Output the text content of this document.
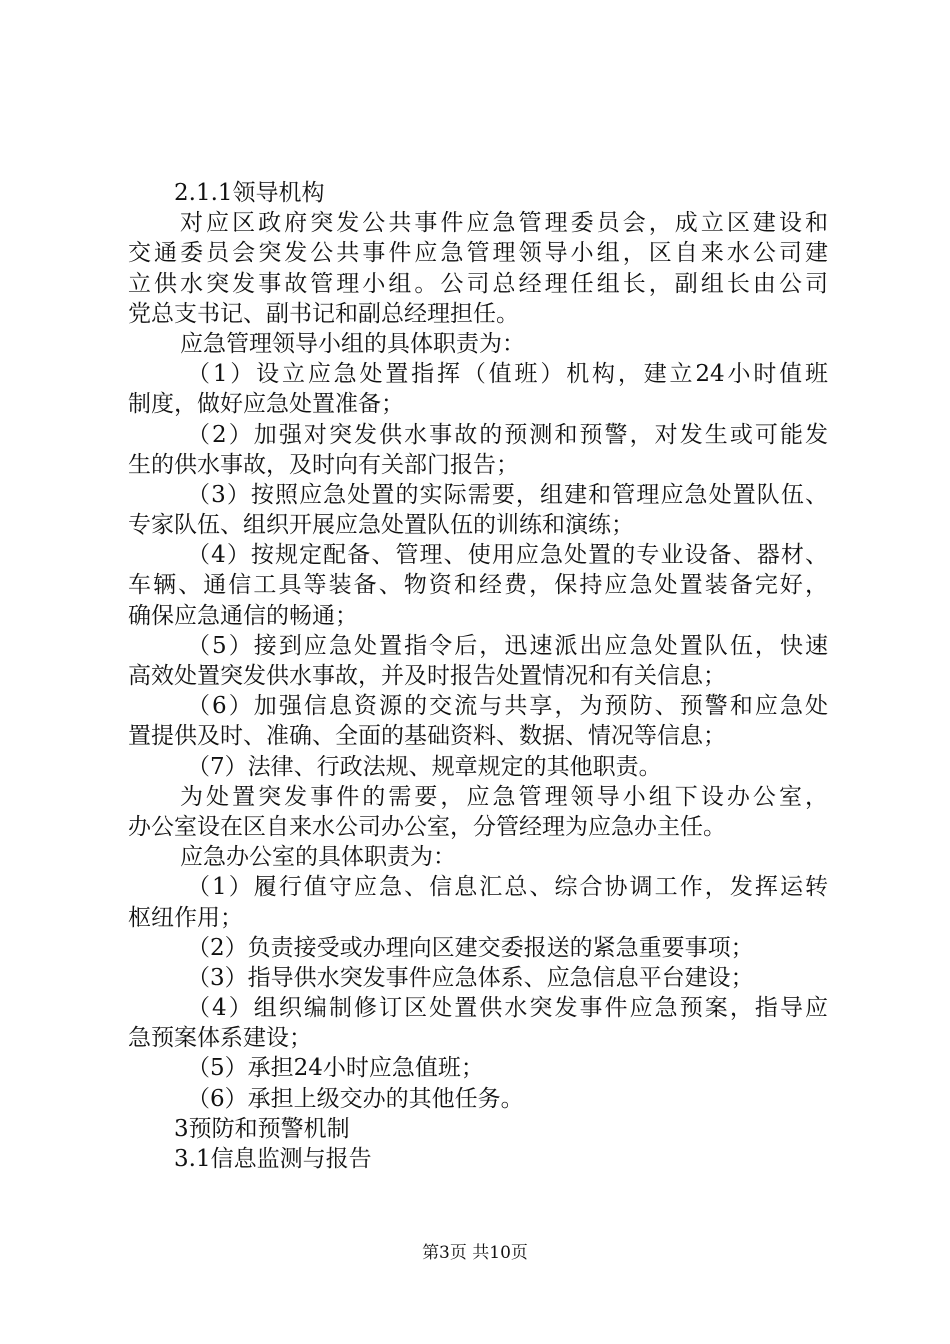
2.1.1领导机构
对应区政府突发公共事件应急管理委员会，成立区建设和
交通委员会突发公共事件应急管理领导小组，区自来水公司建
立供水突发事故管理小组。公司总经理任组长，副组长由公司
党总支书记、副书记和副总经理担任。
应急管理领导小组的具体职责为：
（1）设立应急处置指挥（值班）机构，建立24小时值班
制度，做好应急处置准备；
（2）加强对突发供水事故的预测和预警，对发生或可能发
生的供水事故，及时向有关部门报告；
（3）按照应急处置的实际需要，组建和管理应急处置队伍、
专家队伍、组织开展应急处置队伍的训练和演练；
（4）按规定配备、管理、使用应急处置的专业设备、器材、
车辆、通信工具等装备、物资和经费，保持应急处置装备完好，
确保应急通信的畅通；
（5）接到应急处置指令后，迅速派出应急处置队伍，快速
高效处置突发供水事故，并及时报告处置情况和有关信息；
（6）加强信息资源的交流与共享，为预防、预警和应急处
置提供及时、准确、全面的基础资料、数据、情况等信息；
（7）法律、行政法规、规章规定的其他职责。
为处置突发事件的需要，应急管理领导小组下设办公室，
办公室设在区自来水公司办公室，分管经理为应急办主任。
应急办公室的具体职责为：
（1）履行值守应急、信息汇总、综合协调工作，发挥运转
枢纽作用；
（2）负责接受或办理向区建交委报送的紧急重要事项；
（3）指导供水突发事件应急体系、应急信息平台建设；
（4）组织编制修订区处置供水突发事件应急预案，指导应
急预案体系建设；
（5）承担24小时应急值班；
（6）承担上级交办的其他任务。
3预防和预警机制
3.1信息监测与报告
第3页 共10页
